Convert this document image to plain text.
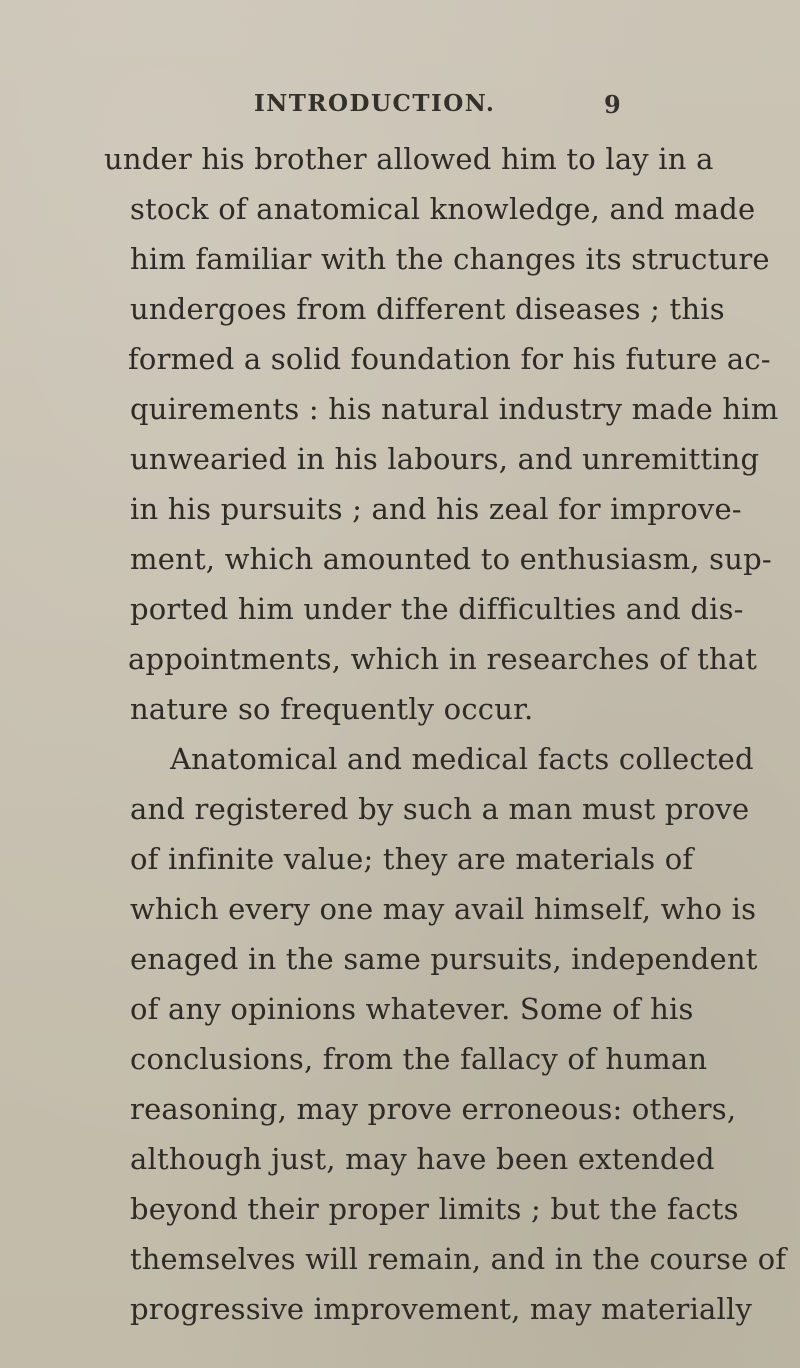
INTRODUCTION.	9
under his brother allowed him to lay in a
stock of anatomical knowledge, and made
him familiar with the changes its structure
undergoes from different diseases ; this
formed a solid foundation for his future ac-
quirements : his natural industry made him
unwearied in his labours, and unremitting
in his pursuits ; and his zeal for improve-
ment, which amounted to enthusiasm, sup-
ported him under the difficulties and dis-
appointments, which in researches of that
nature so frequently occur.
Anatomical and medical facts collected
and registered by such a man must prove
of infinite value; they are materials of
which every one may avail himself, who is
enaged in the same pursuits, independent
of any opinions whatever. Some of his
conclusions, from the fallacy of human
reasoning, may prove erroneous: others,
although just, may have been extended
beyond their proper limits ; but the facts
themselves will remain, and in the course of
progressive improvement, may materially
